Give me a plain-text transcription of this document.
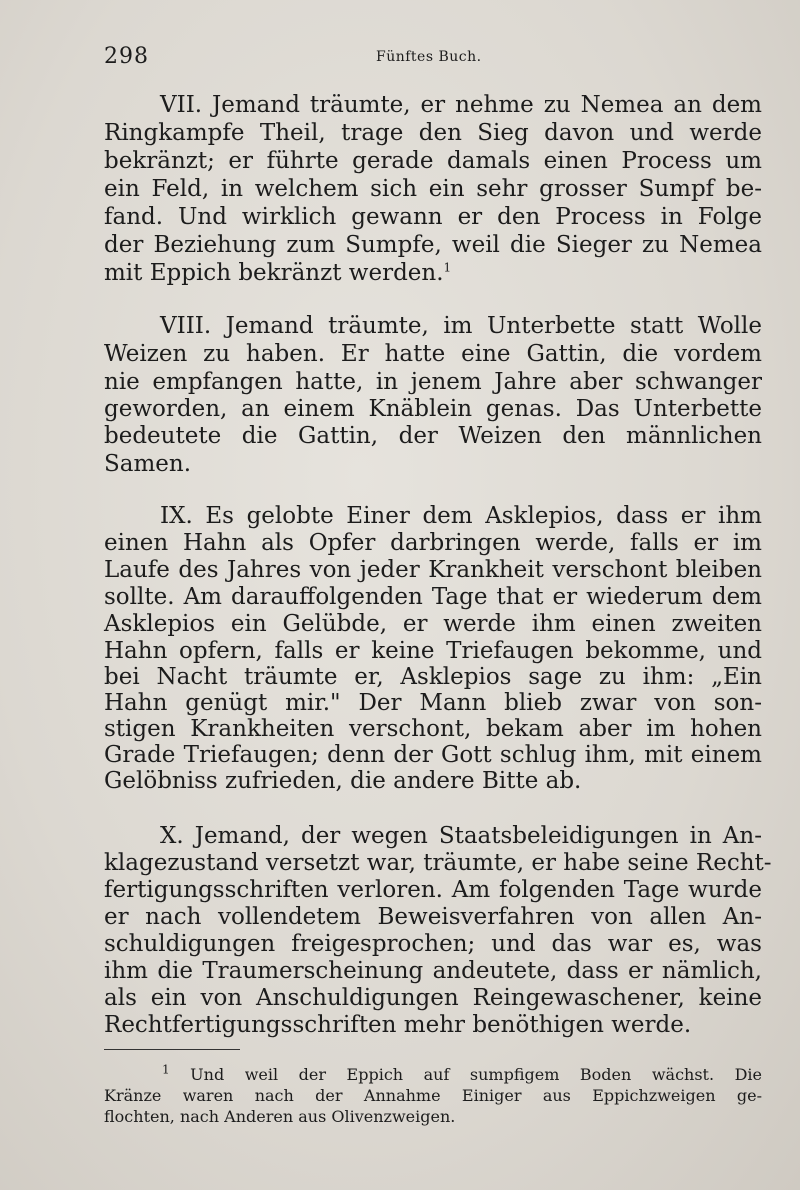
298	Fünftes Buch.
VII. Jemand träumte, er nehme zu Nemea an dem
Ringkampfe Theil, trage den Sieg davon und werde
bekränzt; er führte gerade damals einen Process um
ein Feld, in welchem sich ein sehr grosser Sumpf be-
fand. Und wirklich gewann er den Process in Folge
der Beziehung zum Sumpfe, weil die Sieger zu Nemea
mit Eppich bekränzt werden.$^1$
VIII. Jemand träumte, im Unterbette statt Wolle
Weizen zu haben. Er hatte eine Gattin, die vordem
nie empfangen hatte, in jenem Jahre aber schwanger
geworden, an einem Knäblein genas. Das Unterbette
bedeutete die Gattin, der Weizen den männlichen
Samen.
IX. Es gelobte Einer dem Asklepios, dass er ihm
einen Hahn als Opfer darbringen werde, falls er im
Laufe des Jahres von jeder Krankheit verschont bleiben
sollte. Am darauffolgenden Tage that er wiederum dem
Asklepios ein Gelübde, er werde ihm einen zweiten
Hahn opfern, falls er keine Triefaugen bekomme, und
bei Nacht träumte er, Asklepios sage zu ihm: „Ein
Hahn genügt mir." Der Mann blieb zwar von son-
stigen Krankheiten verschont, bekam aber im hohen
Grade Triefaugen; denn der Gott schlug ihm, mit einem
Gelöbniss zufrieden, die andere Bitte ab.
X. Jemand, der wegen Staatsbeleidigungen in An-
klagezustand versetzt war, träumte, er habe seine Recht-
fertigungsschriften verloren. Am folgenden Tage wurde
er nach vollendetem Beweisverfahren von allen An-
schuldigungen freigesprochen; und das war es, was
ihm die Traumerscheinung andeutete, dass er nämlich,
als ein von Anschuldigungen Reingewaschener, keine
Rechtfertigungsschriften mehr benöthigen werde.
$^1$ Und weil der Eppich auf sumpfigem Boden wächst. Die
Kränze waren nach der Annahme Einiger aus Eppichzweigen ge-
flochten, nach Anderen aus Olivenzweigen.
